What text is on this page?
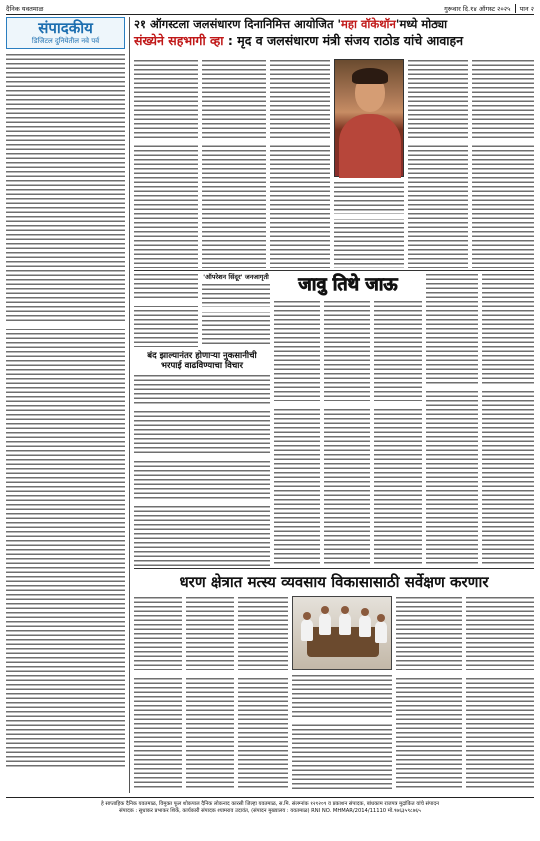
दैनिक यवतमाळ	गुरूवार दि.१४ ऑगस्ट २०२५	पान २
संपादकीय
डिजिटल दुनियेतील नवे पर्व
२१ ऑगस्टला जलसंधारण दिनानिमित्त आयोजित 'महा वॉकेथॉन'मध्ये मोठ्या
संख्येने सहभागी व्हा : मृद व जलसंधारण मंत्री संजय राठोड यांचे आवाहन
बंद झाल्यानंतर होणाऱ्या नुकसानीची
भरपाई वाढविण्याचा विचार
'ऑपरेशन सिंदूर' जनजागृती	जावु तिथे जाऊ
धरण क्षेत्रात मत्स्य व्यवसाय विकासासाठी सर्वेक्षण करणार
हे साप्ताहिक दैनिक यवतमाळ, विमुक्त फूल शोकपाल दैनिक लोकनाद कारसी जिल्हा यवतमाळ, स.मि. संलग्नांक १२१२०९ व प्रकाशन संपादक, बांधकाम राजपत्र मुद्रांकित यांचे संपादन
संपादक : सुधाकर प्रभाकर शिर्के, कार्यकारी संपादक श्यामराव उदावंत, (संपादन मुख्यालय : यवतमाळ) RNI NO. MHMAR/2014/11110 मो.९७६३५९८७६५
